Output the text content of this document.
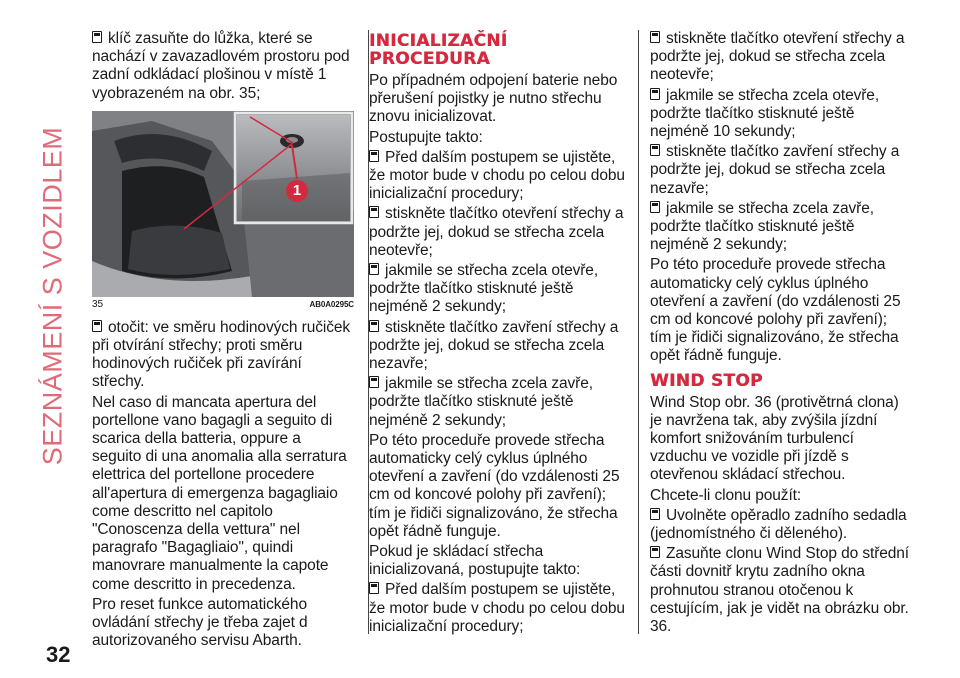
SEZNÁMENÍ S VOZIDLEM
32

klíč zasuňte do lůžka, které se nachází v zavazadlovém prostoru pod zadní odkládací plošinou v místě 1 vyobrazeném na obr. 35;

1
35	AB0A0295C

otočit: ve směru hodinových ručiček při otvírání střechy; proti směru hodinových ručiček při zavírání střechy.

Nel caso di mancata apertura del portellone vano bagagli a seguito di scarica della batteria, oppure a seguito di una anomalia alla serratura elettrica del portellone procedere all'apertura di emergenza bagagliaio come descritto nel capitolo "Conoscenza della vettura" nel paragrafo "Bagagliaio", quindi manovrare manualmente la capote come descritto in precedenza.

Pro reset funkce automatického ovládání střechy je třeba zajet d autorizovaného servisu Abarth.

INICIALIZAČNÍ PROCEDURA

Po případném odpojení baterie nebo přerušení pojistky je nutno střechu znovu inicializovat.

Postupujte takto:

Před dalším postupem se ujistěte, že motor bude v chodu po celou dobu inicializační procedury;

stiskněte tlačítko otevření střechy a podržte jej, dokud se střecha zcela neotevře;

jakmile se střecha zcela otevře, podržte tlačítko stisknuté ještě nejméně 2 sekundy;

stiskněte tlačítko zavření střechy a podržte jej, dokud se střecha zcela nezavře;

jakmile se střecha zcela zavře, podržte tlačítko stisknuté ještě nejméně 2 sekundy;

Po této proceduře provede střecha automaticky celý cyklus úplného otevření a zavření (do vzdálenosti 25 cm od koncové polohy při zavření); tím je řidiči signalizováno, že střecha opět řádně funguje.

Pokud je skládací střecha inicializovaná, postupujte takto:

Před dalším postupem se ujistěte, že motor bude v chodu po celou dobu inicializační procedury;

stiskněte tlačítko otevření střechy a podržte jej, dokud se střecha zcela neotevře;

jakmile se střecha zcela otevře, podržte tlačítko stisknuté ještě nejméně 10 sekundy;

stiskněte tlačítko zavření střechy a podržte jej, dokud se střecha zcela nezavře;

jakmile se střecha zcela zavře, podržte tlačítko stisknuté ještě nejméně 2 sekundy;

Po této proceduře provede střecha automaticky celý cyklus úplného otevření a zavření (do vzdálenosti 25 cm od koncové polohy při zavření); tím je řidiči signalizováno, že střecha opět řádně funguje.

WIND STOP

Wind Stop obr. 36 (protivětrná clona) je navržena tak, aby zvýšila jízdní komfort snižováním turbulencí vzduchu ve vozidle při jízdě s otevřenou skládací střechou.

Chcete-li clonu použít:

Uvolněte opěradlo zadního sedadla (jednomístného či děleného).

Zasuňte clonu Wind Stop do střední části dovnitř krytu zadního okna prohnutou stranou otočenou k cestujícím, jak je vidět na obrázku obr. 36.
